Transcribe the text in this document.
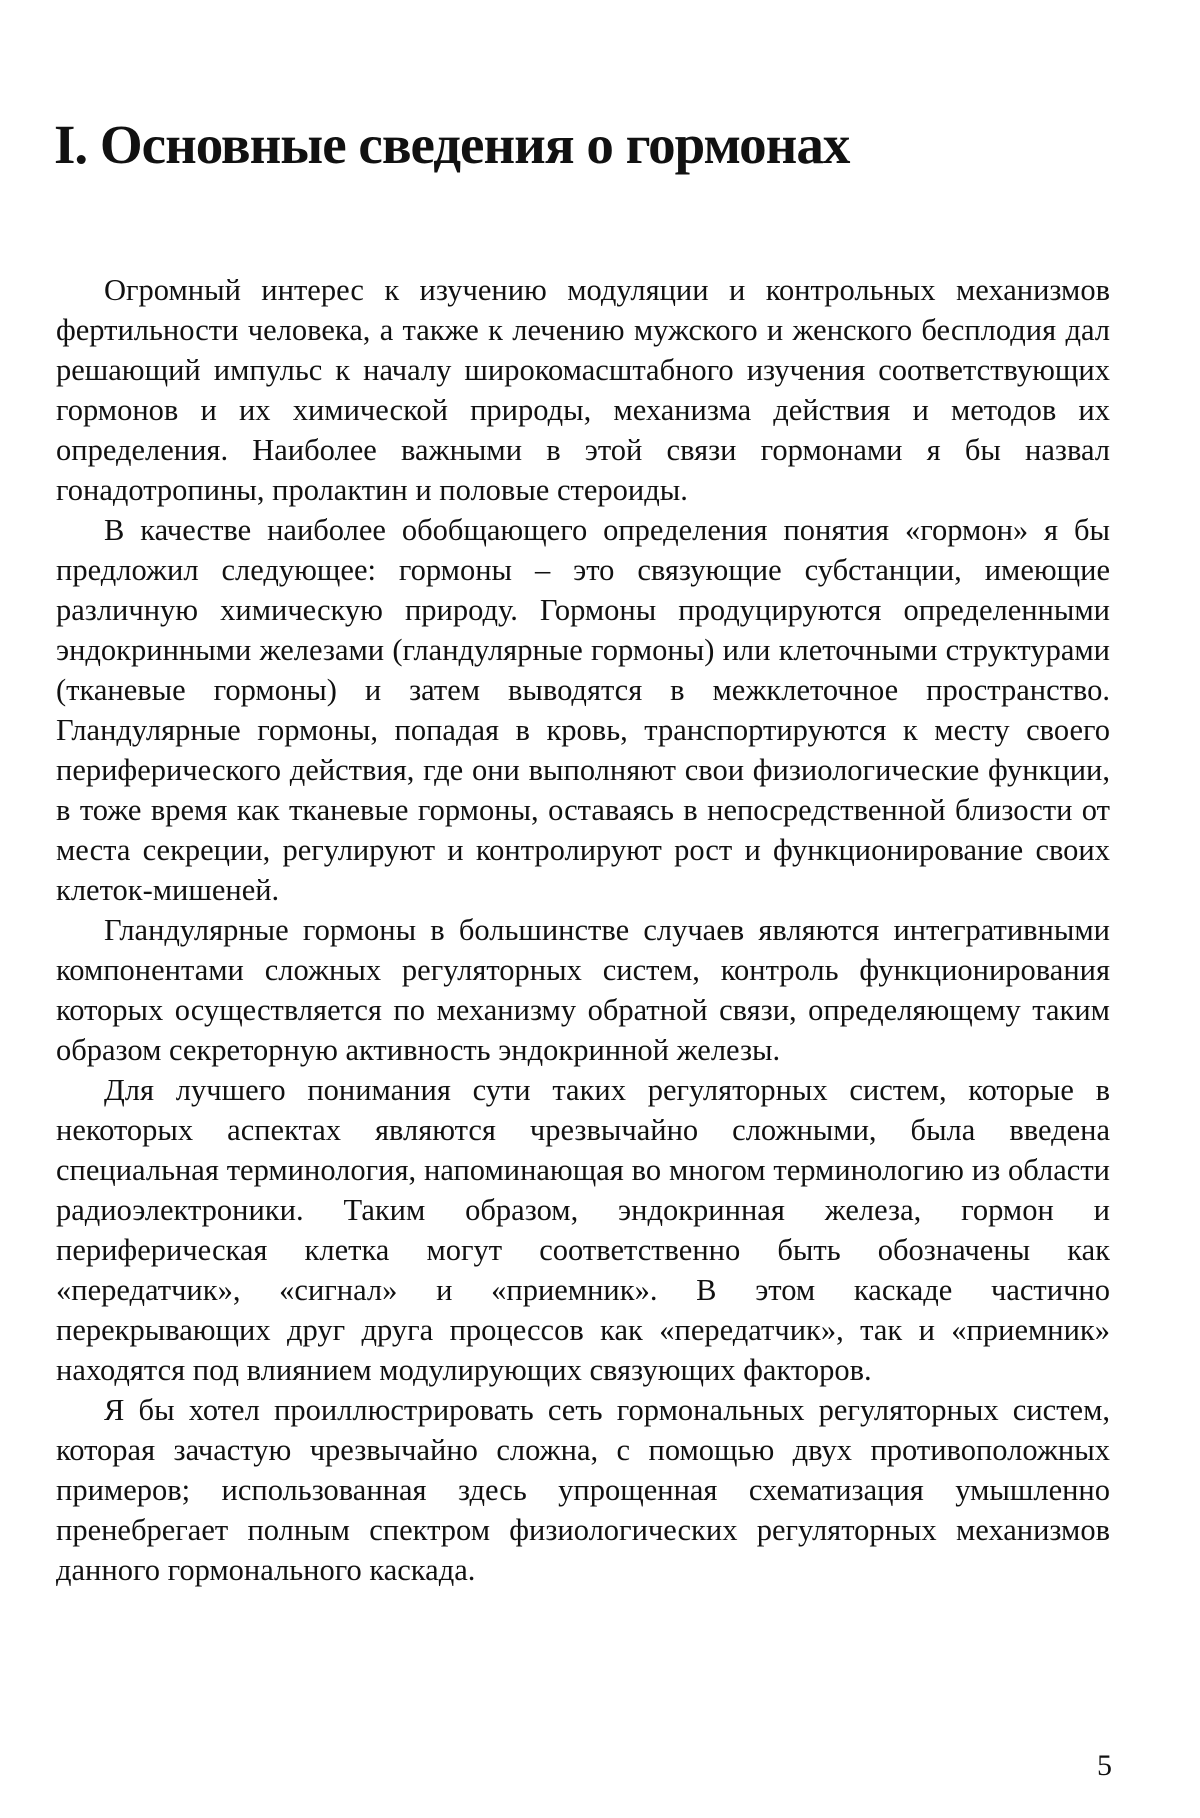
I. Основные сведения о гормонах

Огромный интерес к изучению модуляции и контрольных механизмов фертильности человека, а также к лечению мужского и женского бесплодия дал решающий импульс к началу широкомасштабного изучения соответствующих гормонов и их химической природы, механизма действия и методов их определения. Наиболее важными в этой связи гормонами я бы назвал гонадотропины, пролактин и половые стероиды.

В качестве наиболее обобщающего определения понятия «гормон» я бы предложил следующее: гормоны – это связующие субстанции, имеющие различную химическую природу. Гормоны продуцируются определенными эндокринными железами (гландулярные гормоны) или клеточными структурами (тканевые гормоны) и затем выводятся в межклеточное пространство. Гландулярные гормоны, попадая в кровь, транспортируются к месту своего периферического действия, где они выполняют свои физиологические функции, в тоже время как тканевые гормоны, оставаясь в непосредственной близости от места секреции, регулируют и контролируют рост и функционирование своих клеток-мишеней.

Гландулярные гормоны в большинстве случаев являются интегративными компонентами сложных регуляторных систем, контроль функционирования которых осуществляется по механизму обратной связи, определяющему таким образом секреторную активность эндокринной железы.

Для лучшего понимания сути таких регуляторных систем, которые в некоторых аспектах являются чрезвычайно сложными, была введена специальная терминология, напоминающая во многом терминологию из области радиоэлектроники. Таким образом, эндокринная железа, гормон и периферическая клетка могут соответственно быть обозначены как «передатчик», «сигнал» и «приемник». В этом каскаде частично перекрывающих друг друга процессов как «передатчик», так и «приемник» находятся под влиянием модулирующих связующих факторов.

Я бы хотел проиллюстрировать сеть гормональных регуляторных систем, которая зачастую чрезвычайно сложна, с помощью двух противоположных примеров; использованная здесь упрощенная схематизация умышленно пренебрегает полным спектром физиологических регуляторных механизмов данного гормонального каскада.

5
